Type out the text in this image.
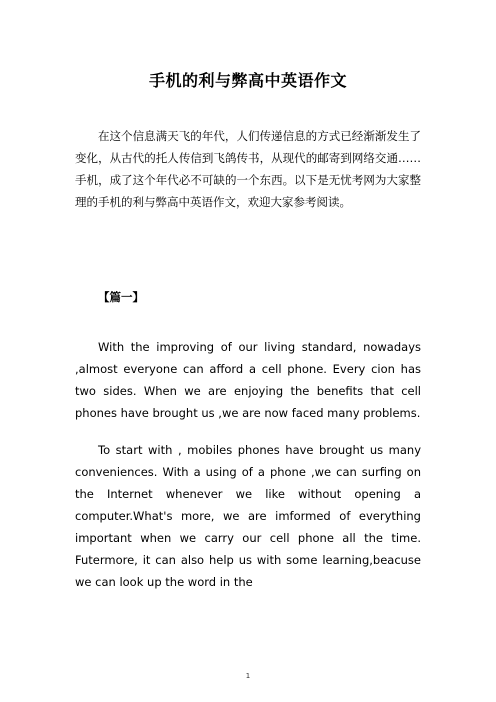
手机的利与弊高中英语作文

在这个信息满天飞的年代，人们传递信息的方式已经渐渐发生了变化，从古代的托人传信到飞鸽传书，从现代的邮寄到网络交通……手机，成了这个年代必不可缺的一个东西。以下是无忧考网为大家整理的手机的利与弊高中英语作文，欢迎大家参考阅读。

【篇一】

With the improving of our living standard, nowadays ,almost everyone can afford a cell phone. Every cion has two sides. When we are enjoying the benefits that cell phones have brought us ,we are now faced many problems.

To start with , mobiles phones have brought us many conveniences. With a using of a phone ,we can surfing on the Internet whenever we like without opening a computer.What's more, we are imformed of everything important when we carry our cell phone all the time. Futermore, it can also help us with some learning,beacuse we can look up the word in the

1
